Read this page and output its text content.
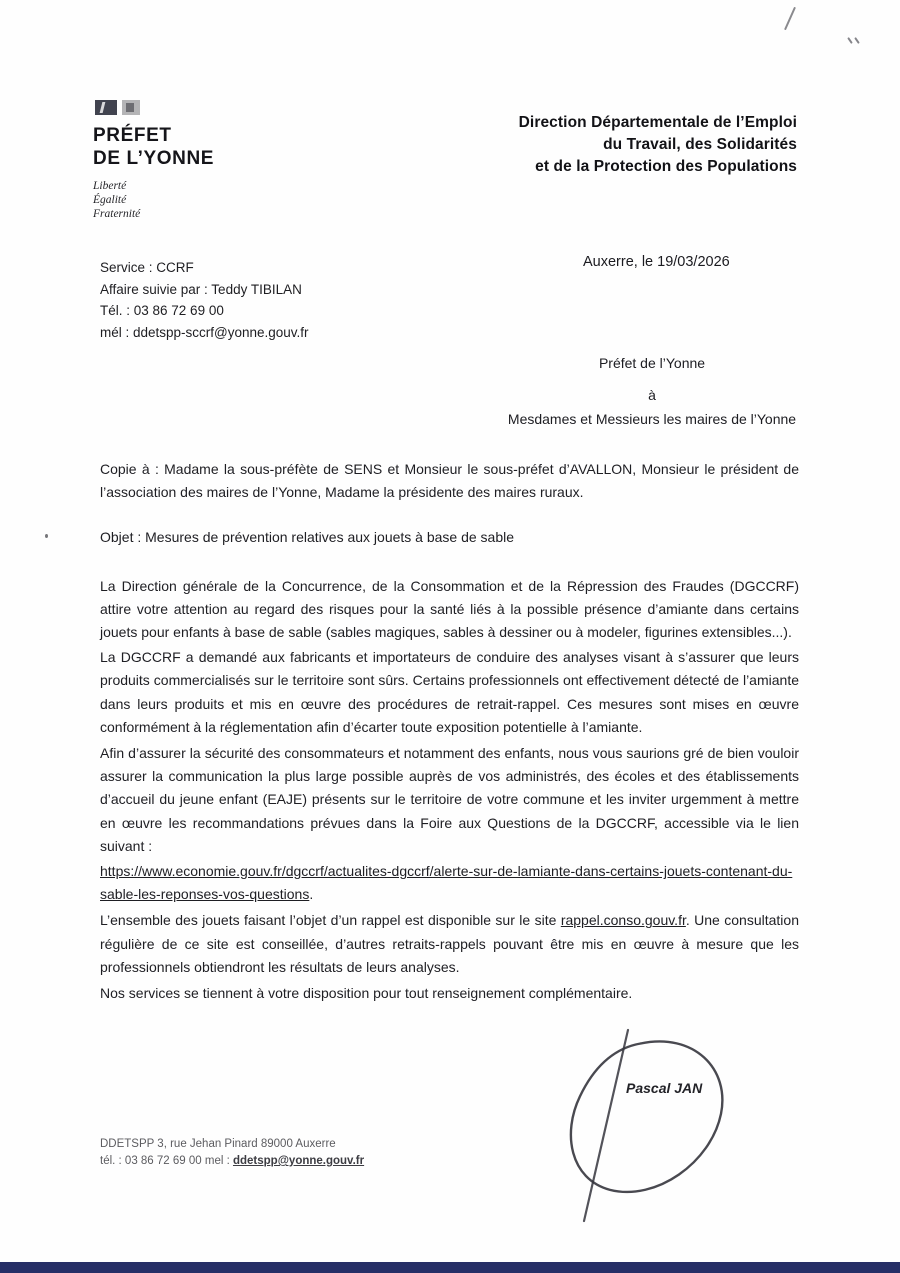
PRÉFET
DE L’YONNE
Liberté
Égalité
Fraternité
Direction Départementale de l’Emploi
du Travail, des Solidarités
et de la Protection des Populations
Auxerre, le 19/03/2026
Service : CCRF
Affaire suivie par : Teddy TIBILAN
Tél. : 03 86 72 69 00
mél : ddetspp-sccrf@yonne.gouv.fr
Préfet de l’Yonne
à
Mesdames et Messieurs les maires de l’Yonne

Copie à : Madame la sous-préfète de SENS et Monsieur le sous-préfet d’AVALLON, Monsieur le président de l’association des maires de l’Yonne, Madame la présidente des maires ruraux.

Objet : Mesures de prévention relatives aux jouets à base de sable

La Direction générale de la Concurrence, de la Consommation et de la Répression des Fraudes (DGCCRF) attire votre attention au regard des risques pour la santé liés à la possible présence d’amiante dans certains jouets pour enfants à base de sable (sables magiques, sables à dessiner ou à modeler, figurines extensibles...).

La DGCCRF a demandé aux fabricants et importateurs de conduire des analyses visant à s’assurer que leurs produits commercialisés sur le territoire sont sûrs. Certains professionnels ont effectivement détecté de l’amiante dans leurs produits et mis en œuvre des procédures de retrait-rappel. Ces mesures sont mises en œuvre conformément à la réglementation afin d’écarter toute exposition potentielle à l’amiante.

Afin d’assurer la sécurité des consommateurs et notamment des enfants, nous vous saurions gré de bien vouloir assurer la communication la plus large possible auprès de vos administrés, des écoles et des établissements d’accueil du jeune enfant (EAJE) présents sur le territoire de votre commune et les inviter urgemment à mettre en œuvre les recommandations prévues dans la Foire aux Questions de la DGCCRF, accessible via le lien suivant :

https://www.economie.gouv.fr/dgccrf/actualites-dgccrf/alerte-sur-de-lamiante-dans-certains-jouets-contenant-du-sable-les-reponses-vos-questions.

L’ensemble des jouets faisant l’objet d’un rappel est disponible sur le site rappel.conso.gouv.fr. Une consultation régulière de ce site est conseillée, d’autres retraits-rappels pouvant être mis en œuvre à mesure que les professionnels obtiendront les résultats de leurs analyses.

Nos services se tiennent à votre disposition pour tout renseignement complémentaire.

Pascal JAN
DDETSPP 3, rue Jehan Pinard 89000 Auxerre
tél. : 03 86 72 69 00 mel : ddetspp@yonne.gouv.fr
